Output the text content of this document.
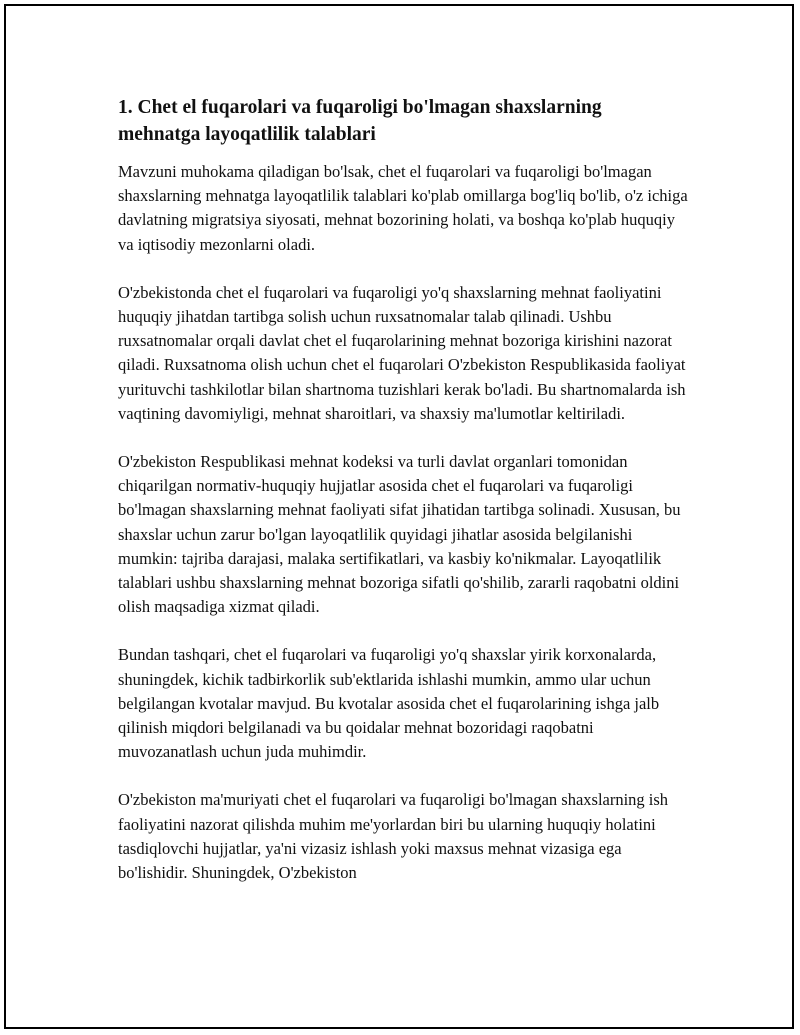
1. Chet el fuqarolari va fuqaroligi bo'lmagan shaxslarning mehnatga layoqatlilik talablari

Mavzuni muhokama qiladigan bo'lsak, chet el fuqarolari va fuqaroligi bo'lmagan shaxslarning mehnatga layoqatlilik talablari ko'plab omillarga bog'liq bo'lib, o'z ichiga davlatning migratsiya siyosati, mehnat bozorining holati, va boshqa ko'plab huquqiy va iqtisodiy mezonlarni oladi.

O'zbekistonda chet el fuqarolari va fuqaroligi yo'q shaxslarning mehnat faoliyatini huquqiy jihatdan tartibga solish uchun ruxsatnomalar talab qilinadi. Ushbu ruxsatnomalar orqali davlat chet el fuqarolarining mehnat bozoriga kirishini nazorat qiladi. Ruxsatnoma olish uchun chet el fuqarolari O'zbekiston Respublikasida faoliyat yurituvchi tashkilotlar bilan shartnoma tuzishlari kerak bo'ladi. Bu shartnomalarda ish vaqtining davomiyligi, mehnat sharoitlari, va shaxsiy ma'lumotlar keltiriladi.

O'zbekiston Respublikasi mehnat kodeksi va turli davlat organlari tomonidan chiqarilgan normativ-huquqiy hujjatlar asosida chet el fuqarolari va fuqaroligi bo'lmagan shaxslarning mehnat faoliyati sifat jihatidan tartibga solinadi. Xususan, bu shaxslar uchun zarur bo'lgan layoqatlilik quyidagi jihatlar asosida belgilanishi mumkin: tajriba darajasi, malaka sertifikatlari, va kasbiy ko'nikmalar. Layoqatlilik talablari ushbu shaxslarning mehnat bozoriga sifatli qo'shilib, zararli raqobatni oldini olish maqsadiga xizmat qiladi.

Bundan tashqari, chet el fuqarolari va fuqaroligi yo'q shaxslar yirik korxonalarda, shuningdek, kichik tadbirkorlik sub'ektlarida ishlashi mumkin, ammo ular uchun belgilangan kvotalar mavjud. Bu kvotalar asosida chet el fuqarolarining ishga jalb qilinish miqdori belgilanadi va bu qoidalar mehnat bozoridagi raqobatni muvozanatlash uchun juda muhimdir.

O'zbekiston ma'muriyati chet el fuqarolari va fuqaroligi bo'lmagan shaxslarning ish faoliyatini nazorat qilishda muhim me'yorlardan biri bu ularning huquqiy holatini tasdiqlovchi hujjatlar, ya'ni vizasiz ishlash yoki maxsus mehnat vizasiga ega bo'lishidir. Shuningdek, O'zbekiston
